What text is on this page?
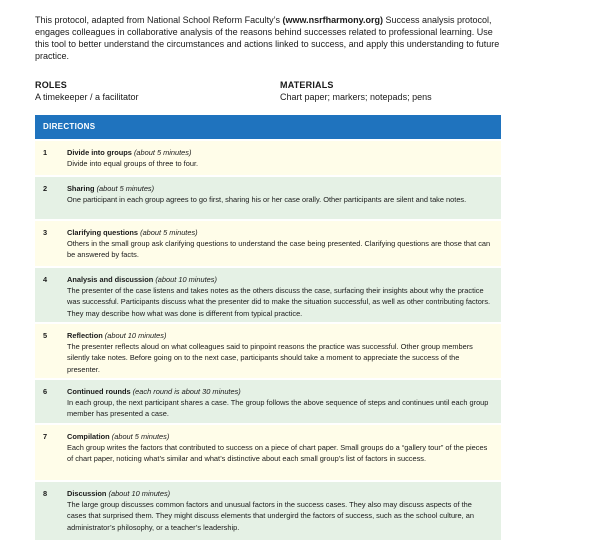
This protocol, adapted from National School Reform Faculty’s (www.nsrfharmony.org) Success analysis protocol, engages colleagues in collaborative analysis of the reasons behind successes related to professional learning. Use this tool to better understand the circumstances and actions linked to success, and apply this understanding to future practice.

ROLES
A timekeeper / a facilitator
MATERIALS
Chart paper; markers; notepads; pens
DIRECTIONS
1	Divide into groups (about 5 minutes)
Divide into equal groups of three to four.
2	Sharing (about 5 minutes)
One participant in each group agrees to go first, sharing his or her case orally. Other participants are silent and take notes.
3	Clarifying questions (about 5 minutes)
Others in the small group ask clarifying questions to understand the case being presented. Clarifying questions are those that can be answered by facts.
4	Analysis and discussion (about 10 minutes)
The presenter of the case listens and takes notes as the others discuss the case, surfacing their insights about why the practice was successful. Participants discuss what the presenter did to make the situation successful, as well as other contributing factors. They may describe how what was done is different from typical practice.
5	Reflection (about 10 minutes)
The presenter reflects aloud on what colleagues said to pinpoint reasons the practice was successful. Other group members silently take notes. Before going on to the next case, participants should take a moment to appreciate the success of the presenter.
6	Continued rounds (each round is about 30 minutes)
In each group, the next participant shares a case. The group follows the above sequence of steps and continues until each group member has presented a case.
7	Compilation (about 5 minutes)
Each group writes the factors that contributed to success on a piece of chart paper. Small groups do a “gallery tour” of the pieces of chart paper, noticing what’s similar and what’s distinctive about each small group’s list of factors in success.
8	Discussion (about 10 minutes)
The large group discusses common factors and unusual factors in the success cases. They also may discuss aspects of the cases that surprised them. They might discuss elements that undergird the factors of success, such as the school culture, an administrator’s philosophy, or a teacher’s leadership.
